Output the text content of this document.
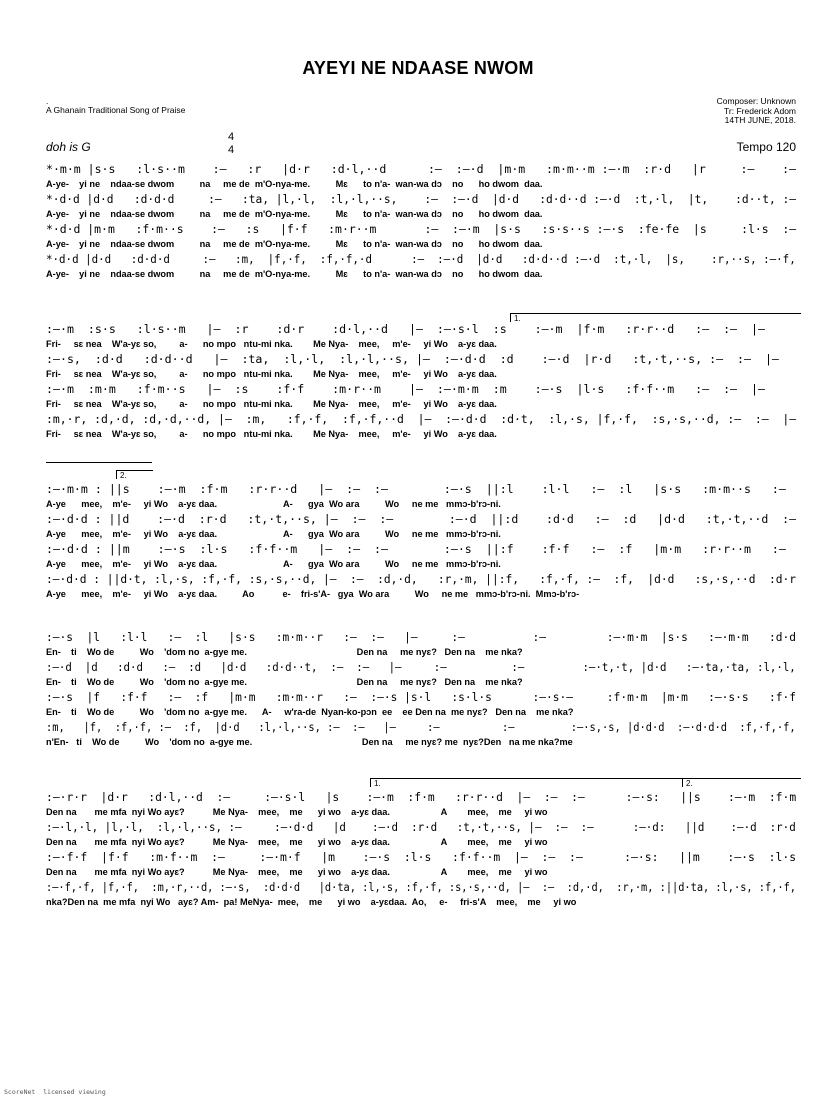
AYEYI NE NDAASE NWOM
.
A Ghanain Traditional Song of Praise
Composer: Unknown
Tr: Frederick Adom
14TH JUNE, 2018.
doh is G
4
4	Tempo 120
*·m·m |s·s   :l·s··m    :–   :r   |d·r   :d·l,··d      :–  :–·d  |m·m   :m·m··m :–·m  :r·d   |r     :–    :–
A-ye-    yi ne    ndaa-se dwom          na     me de  m'O-nya-me.          Mɛ      to n'a-  wan-wa dɔ    no      ho dwom  daa.
*·d·d |d·d   :d·d·d     :–   :ta, |l,·l,  :l,·l,··s,    :–  :–·d  |d·d   :d·d··d :–·d  :t,·l,  |t,    :d··t, :–
A-ye-    yi ne    ndaa-se dwom          na     me de  m'O-nya-me.          Mɛ      to n'a-  wan-wa dɔ    no      ho dwom  daa.
*·d·d |m·m   :f·m··s    :–   :s   |f·f   :m·r··m       :–  :–·m  |s·s   :s·s··s :–·s  :fe·fe  |s     :l·s  :–
A-ye-    yi ne    ndaa-se dwom          na     me de  m'O-nya-me.          Mɛ      to n'a-  wan-wa dɔ    no      ho dwom  daa.
*·d·d |d·d   :d·d·d     :–   :m,  |f,·f,  :f,·f,·d      :–  :–·d  |d·d   :d·d··d :–·d  :t,·l,  |s,    :r,··s, :–·f,
A-ye-    yi ne    ndaa-se dwom          na     me de  m'O-nya-me.          Mɛ      to n'a-  wan-wa dɔ    no      ho dwom  daa.

1.

:–·m  :s·s   :l·s··m   |–  :r    :d·r    :d·l,··d   |–  :–·s·l  :s    :–·m  |f·m   :r·r··d   :–  :–  |–
Fri-     sɛ nea    W'a-yɛ so,         a-      no mpo   ntu-mi nka.        Me Nya-    mee,     m'e-     yi Wo    a-yɛ daa.
:–·s,  :d·d   :d·d··d   |–  :ta,  :l,·l,  :l,·l,··s, |–  :–·d·d  :d    :–·d  |r·d   :t,·t,··s, :–  :–  |–
Fri-     sɛ nea    W'a-yɛ so,         a-      no mpo   ntu-mi nka.        Me Nya-    mee,     m'e-     yi Wo    a-yɛ daa.
:–·m  :m·m   :f·m··s   |–  :s    :f·f    :m·r··m    |–  :–·m·m  :m    :–·s  |l·s   :f·f··m   :–  :–  |–
Fri-     sɛ nea    W'a-yɛ so,         a-      no mpo   ntu-mi nka.        Me Nya-    mee,     m'e-     yi Wo    a-yɛ daa.
:m,·r, :d,·d, :d,·d,··d, |–  :m,   :f,·f,  :f,·f,··d  |–  :–·d·d  :d·t,  :l,·s, |f,·f,  :s,·s,··d, :–  :–  |–
Fri-     sɛ nea    W'a-yɛ so,         a-      no mpo   ntu-mi nka.        Me Nya-    mee,     m'e-     yi Wo    a-yɛ daa.

2.

:–·m·m : ||s    :–·m  :f·m   :r·r··d   |–  :–  :–        :–·s  ||:l    :l·l   :–  :l   |s·s   :m·m··s   :–
A-ye      mee,    m'e-     yi Wo    a-yɛ daa.                          A-      gya  Wo ara          Wo     ne me   mmɔ-b'rɔ-ni.
:–·d·d : ||d    :–·d  :r·d   :t,·t,··s, |–  :–  :–        :–·d  ||:d    :d·d   :–  :d   |d·d   :t,·t,··d  :–
A-ye      mee,    m'e-     yi Wo    a-yɛ daa.                          A-      gya  Wo ara          Wo     ne me   mmɔ-b'rɔ-ni.
:–·d·d : ||m    :–·s  :l·s   :f·f··m   |–  :–  :–        :–·s  ||:f    :f·f   :–  :f   |m·m   :r·r··m   :–
A-ye      mee,    m'e-     yi Wo    a-yɛ daa.                          A-      gya  Wo ara          Wo     ne me   mmɔ-b'rɔ-ni.
:–·d·d : ||d·t, :l,·s, :f,·f, :s,·s,··d, |–  :–  :d,·d,   :r,·m, ||:f,   :f,·f, :–  :f,  |d·d   :s,·s,··d  :d·r
A-ye      mee,    m'e-     yi Wo    a-yɛ daa.          Ao           e-    fri-s'A-   gya  Wo ara          Wo     ne me   mmɔ-b'rɔ-ni.  Mmɔ-b'rɔ-
:–·s  |l   :l·l   :–  :l   |s·s   :m·m··r   :–  :–   |–     :–          :–         :–·m·m  |s·s   :–·m·m   :d·d
En-    ti    Wo de          Wo    'dom no  a-gye me.                                           Den na     me nyɛ?   Den na    me nka?
:–·d  |d   :d·d   :–  :d   |d·d   :d·d··t,  :–  :–   |–     :–          :–         :–·t,·t, |d·d   :–·ta,·ta, :l,·l,
En-    ti    Wo de          Wo    'dom no  a-gye me.                                           Den na     me nyɛ?   Den na    me nka?
:–·s  |f   :f·f   :–  :f   |m·m   :m·m··r   :–  :–·s |s·l   :s·l·s      :–·s·–     :f·m·m  |m·m   :–·s·s   :f·f
En-    ti    Wo de          Wo    'dom no  a-gye me.      A-     w'ra-de  Nyan-ko-pɔn  ee    ee Den na  me nyɛ?   Den na    me nka?
:m,   |f,  :f,·f, :–  :f,  |d·d   :l,·l,··s, :–  :–   |–     :–          :–         :–·s,·s, |d·d·d  :–·d·d·d  :f,·f,·f,
n'En-   ti    Wo de          Wo    'dom no  a-gye me.                                           Den na     me nyɛ? me  nyɛ?Den   na me nka?me

1.

	2.

:–·r·r  |d·r   :d·l,··d  :–     :–·s·l   |s    :–·m  :f·m   :r·r··d  |–  :–  :–      :–·s:   ||s    :–·m  :f·m
Den na       me mfa  nyi Wo ayɛ?           Me Nya-    mee,    me      yi wo    a-yɛ daa.                    A        mee,    me     yi wo
:–·l,·l, |l,·l,  :l,·l,··s, :–     :–·d·d   |d    :–·d  :r·d   :t,·t,··s, |–  :–  :–      :–·d:   ||d    :–·d  :r·d
Den na       me mfa  nyi Wo ayɛ?           Me Nya-    mee,    me      yi wo    a-yɛ daa.                    A        mee,    me     yi wo
:–·f·f  |f·f   :m·f··m  :–     :–·m·f   |m    :–·s  :l·s   :f·f··m  |–  :–  :–      :–·s:   ||m    :–·s  :l·s
Den na       me mfa  nyi Wo ayɛ?           Me Nya-    mee,    me      yi wo    a-yɛ daa.                    A        mee,    me     yi wo
:–·f,·f, |f,·f,  :m,·r,··d, :–·s,  :d·d·d   |d·ta, :l,·s, :f,·f, :s,·s,··d, |–  :–  :d,·d,  :r,·m, :||d·ta, :l,·s, :f,·f,
nka?Den na  me mfa  nyi Wo   ayɛ? Am-  pa! MeNya-  mee,    me      yi wo    a-yɛdaa.  Ao,     e-     fri-s'A    mee,    me     yi wo
ScoreNet  licensed viewing
